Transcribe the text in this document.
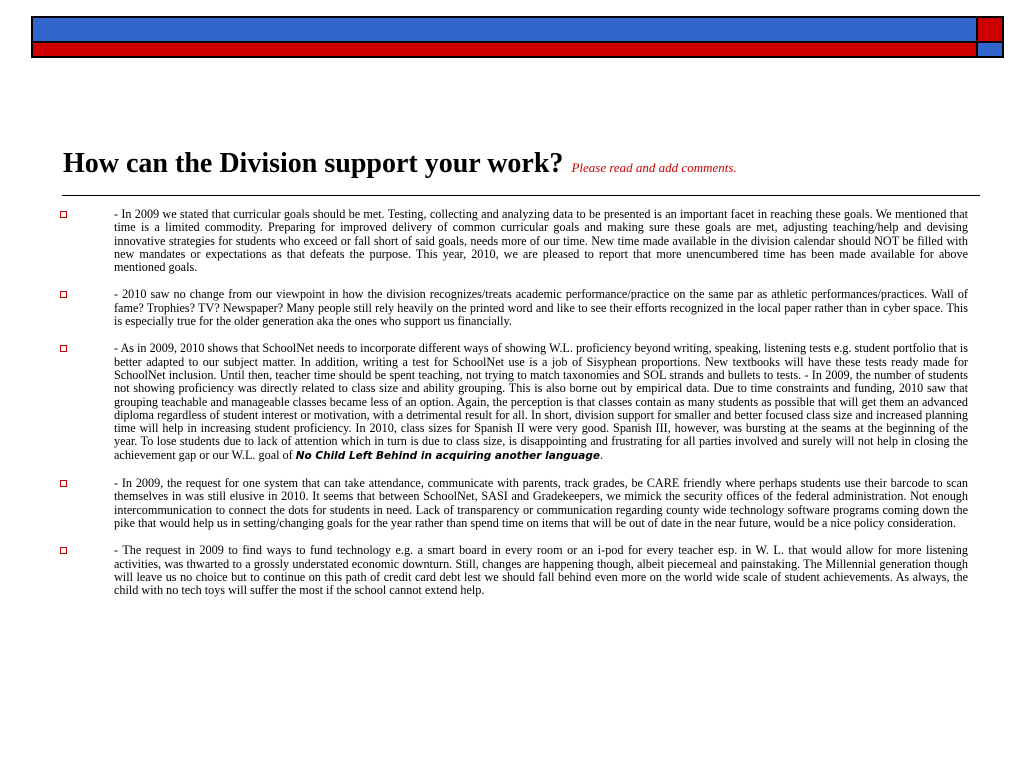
How can the Division support your work? Please read and add comments.
- In 2009 we stated that curricular goals should be met. Testing, collecting and analyzing data to be presented is an important facet in reaching these goals. We mentioned that time is a limited commodity. Preparing for improved delivery of common curricular goals and making sure these goals are met, adjusting teaching/help and devising innovative strategies for students who exceed or fall short of said goals, needs more of our time. New time made available in the division calendar should NOT be filled with new mandates or expectations as that defeats the purpose. This year, 2010, we are pleased to report that more unencumbered time has been made available for above mentioned goals.
- 2010 saw no change from our viewpoint in how the division recognizes/treats academic performance/practice on the same par as athletic performances/practices. Wall of fame? Trophies? TV? Newspaper? Many people still rely heavily on the printed word and like to see their efforts recognized in the local paper rather than in cyber space. This is especially true for the older generation aka the ones who support us financially.
- As in 2009, 2010 shows that SchoolNet needs to incorporate different ways of showing W.L. proficiency beyond writing, speaking, listening tests e.g. student portfolio that is better adapted to our subject matter. In addition, writing a test for SchoolNet use is a job of Sisyphean proportions. New textbooks will have these tests ready made for SchoolNet inclusion. Until then, teacher time should be spent teaching, not trying to match taxonomies and SOL strands and bullets to tests. - In 2009, the number of students not showing proficiency was directly related to class size and ability grouping. This is also borne out by empirical data. Due to time constraints and funding, 2010 saw that grouping teachable and manageable classes became less of an option. Again, the perception is that classes contain as many students as possible that will get them an advanced diploma regardless of student interest or motivation, with a detrimental result for all. In short, division support for smaller and better focused class size and increased planning time will help in increasing student proficiency. In 2010, class sizes for Spanish II were very good. Spanish III, however, was bursting at the seams at the beginning of the year. To lose students due to lack of attention which in turn is due to class size, is disappointing and frustrating for all parties involved and surely will not help in closing the achievement gap or our W.L. goal of No Child Left Behind in acquiring another language.
- In 2009, the request for one system that can take attendance, communicate with parents, track grades, be CARE friendly where perhaps students use their barcode to scan themselves in was still elusive in 2010. It seems that between SchoolNet, SASI and Gradekeepers, we mimick the security offices of the federal administration. Not enough intercommunication to connect the dots for students in need. Lack of transparency or communication regarding county wide technology software programs coming down the pike that would help us in setting/changing goals for the year rather than spend time on items that will be out of date in the near future, would be a nice policy consideration.
- The request in 2009 to find ways to fund technology e.g. a smart board in every room or an i-pod for every teacher esp. in W. L. that would allow for more listening activities, was thwarted to a grossly understated economic downturn. Still, changes are happening though, albeit piecemeal and painstaking. The Millennial generation though will leave us no choice but to continue on this path of credit card debt lest we should fall behind even more on the world wide scale of student achievements. As always, the child with no tech toys will suffer the most if the school cannot extend help.
